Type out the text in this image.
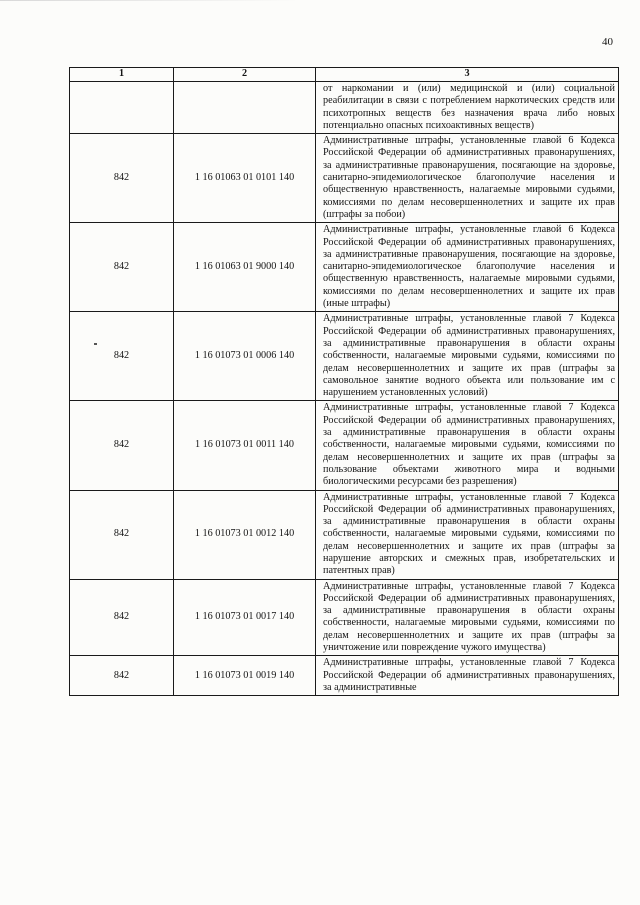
40
1	2	3
		от наркомании и (или) медицинской и (или) социальной реабилитации в связи с потреблением наркотических средств или психотропных веществ без назначения врача либо новых потенциально опасных психоактивных веществ)
842	1 16 01063 01 0101 140	Административные штрафы, установленные главой 6 Кодекса Российской Федерации об административных правонарушениях, за административные правонарушения, посягающие на здоровье, санитарно-эпидемиологическое благополучие населения и общественную нравственность, налагаемые мировыми судьями, комиссиями по делам несовершеннолетних и защите их прав (штрафы за побои)
842	1 16 01063 01 9000 140	Административные штрафы, установленные главой 6 Кодекса Российской Федерации об административных правонарушениях, за административные правонарушения, посягающие на здоровье, санитарно-эпидемиологическое благополучие населения и общественную нравственность, налагаемые мировыми судьями, комиссиями по делам несовершеннолетних и защите их прав (иные штрафы)
842	1 16 01073 01 0006 140	Административные штрафы, установленные главой 7 Кодекса Российской Федерации об административных правонарушениях, за административные правонарушения в области охраны собственности, налагаемые мировыми судьями, комиссиями по делам несовершеннолетних и защите их прав (штрафы за самовольное занятие водного объекта или пользование им с нарушением установленных условий)
842	1 16 01073 01 0011 140	Административные штрафы, установленные главой 7 Кодекса Российской Федерации об административных правонарушениях, за административные правонарушения в области охраны собственности, налагаемые мировыми судьями, комиссиями по делам несовершеннолетних и защите их прав (штрафы за пользование объектами животного мира и водными биологическими ресурсами без разрешения)
842	1 16 01073 01 0012 140	Административные штрафы, установленные главой 7 Кодекса Российской Федерации об административных правонарушениях, за административные правонарушения в области охраны собственности, налагаемые мировыми судьями, комиссиями по делам несовершеннолетних и защите их прав (штрафы за нарушение авторских и смежных прав, изобретательских и патентных прав)
842	1 16 01073 01 0017 140	Административные штрафы, установленные главой 7 Кодекса Российской Федерации об административных правонарушениях, за административные правонарушения в области охраны собственности, налагаемые мировыми судьями, комиссиями по делам несовершеннолетних и защите их прав (штрафы за уничтожение или повреждение чужого имущества)
842	1 16 01073 01 0019 140	Административные штрафы, установленные главой 7 Кодекса Российской Федерации об административных правонарушениях, за административные
